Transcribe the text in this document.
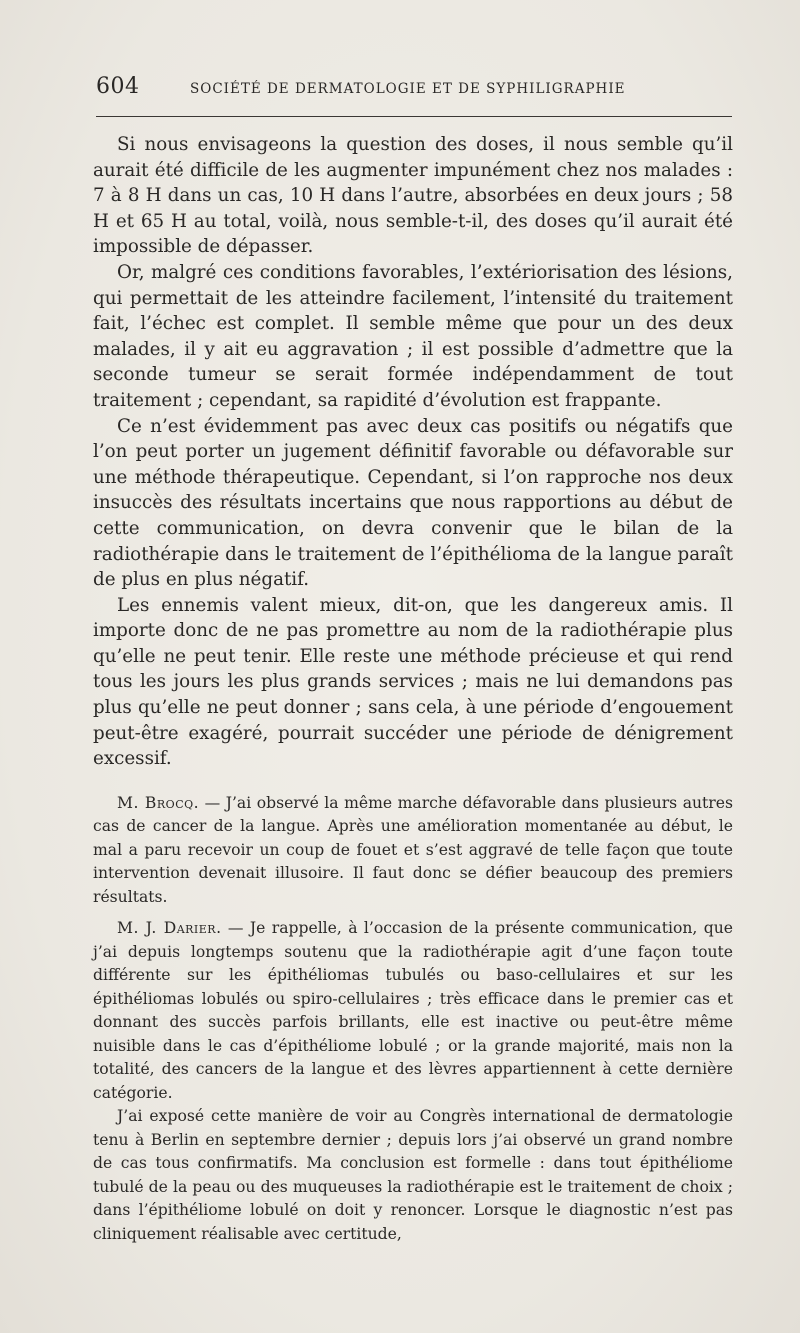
604	SOCIÉTÉ DE DERMATOLOGIE ET DE SYPHILIGRAPHIE

Si nous envisageons la question des doses, il nous semble qu’il aurait été difficile de les augmenter impunément chez nos malades : 7 à 8 H dans un cas, 10 H dans l’autre, absorbées en deux jours ; 58 H et 65 H au total, voilà, nous semble-t-il, des doses qu’il aurait été impossible de dépasser.

Or, malgré ces conditions favorables, l’extériorisation des lésions, qui permettait de les atteindre facilement, l’intensité du traitement fait, l’échec est complet. Il semble même que pour un des deux malades, il y ait eu aggravation ; il est possible d’admettre que la seconde tumeur se serait formée indépendamment de tout traitement ; cependant, sa rapidité d’évolution est frappante.

Ce n’est évidemment pas avec deux cas positifs ou négatifs que l’on peut porter un jugement définitif favorable ou défavorable sur une méthode thérapeutique. Cependant, si l’on rapproche nos deux insuccès des résultats incertains que nous rapportions au début de cette communication, on devra convenir que le bilan de la radiothérapie dans le traitement de l’épithélioma de la langue paraît de plus en plus négatif.

Les ennemis valent mieux, dit-on, que les dangereux amis. Il importe donc de ne pas promettre au nom de la radiothérapie plus qu’elle ne peut tenir. Elle reste une méthode précieuse et qui rend tous les jours les plus grands services ; mais ne lui demandons pas plus qu’elle ne peut donner ; sans cela, à une période d’engouement peut-être exagéré, pourrait succéder une période de dénigrement excessif.

M. Brocq. — J’ai observé la même marche défavorable dans plusieurs autres cas de cancer de la langue. Après une amélioration momentanée au début, le mal a paru recevoir un coup de fouet et s’est aggravé de telle façon que toute intervention devenait illusoire. Il faut donc se défier beaucoup des premiers résultats.

M. J. Darier. — Je rappelle, à l’occasion de la présente communication, que j’ai depuis longtemps soutenu que la radiothérapie agit d’une façon toute différente sur les épithéliomas tubulés ou baso-cellulaires et sur les épithéliomas lobulés ou spiro-cellulaires ; très efficace dans le premier cas et donnant des succès parfois brillants, elle est inactive ou peut-être même nuisible dans le cas d’épithéliome lobulé ; or la grande majorité, mais non la totalité, des cancers de la langue et des lèvres appartiennent à cette dernière catégorie.

J’ai exposé cette manière de voir au Congrès international de dermatologie tenu à Berlin en septembre dernier ; depuis lors j’ai observé un grand nombre de cas tous confirmatifs. Ma conclusion est formelle : dans tout épithéliome tubulé de la peau ou des muqueuses la radiothérapie est le traitement de choix ; dans l’épithéliome lobulé on doit y renoncer. Lorsque le diagnostic n’est pas cliniquement réalisable avec certitude,
